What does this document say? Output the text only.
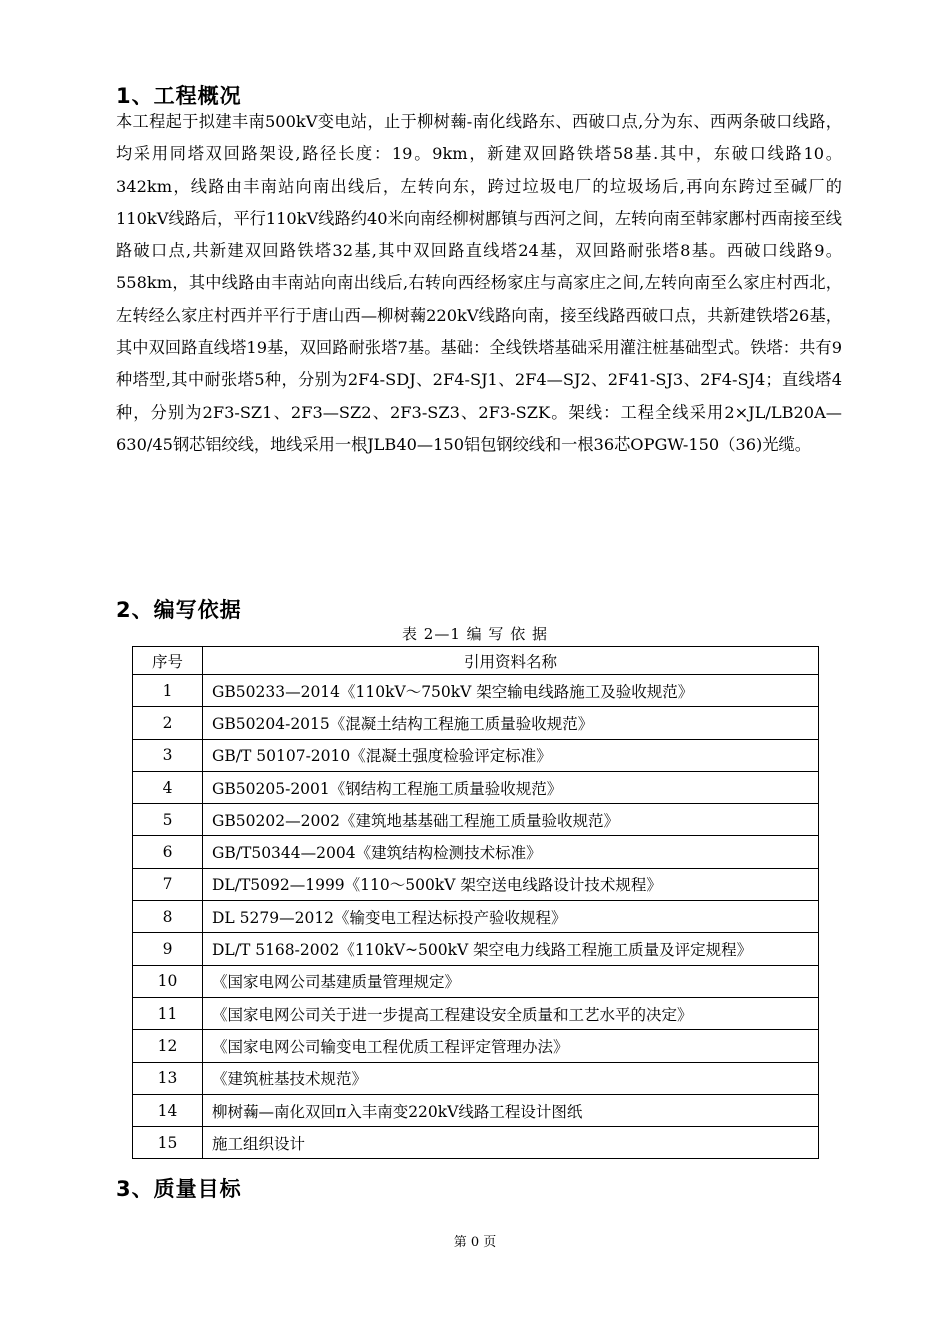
1、工程概况

本工程起于拟建丰南500kV变电站，止于柳树䕮-南化线路东、西破口点,分为东、西两条破口线路，均采用同塔双回路架设,路径长度：19。9km，新建双回路铁塔58基.其中，东破口线路10。342km，线路由丰南站向南出线后，左转向东，跨过垃圾电厂的垃圾场后,再向东跨过至碱厂的110kV线路后，平行110kV线路约40米向南经柳树鄌镇与西河之间，左转向南至韩家鄌村西南接至线路破口点,共新建双回路铁塔32基,其中双回路直线塔24基，双回路耐张塔8基。西破口线路9。558km，其中线路由丰南站向南出线后,右转向西经杨家庄与高家庄之间,左转向南至么家庄村西北，左转经么家庄村西并平行于唐山西—柳树䕮220kV线路向南，接至线路西破口点，共新建铁塔26基，其中双回路直线塔19基，双回路耐张塔7基。基础：全线铁塔基础采用灌注桩基础型式。铁塔：共有9种塔型,其中耐张塔5种，分别为2F4-SDJ、2F4-SJ1、2F4—SJ2、2F41-SJ3、2F4-SJ4；直线塔4种，分别为2F3-SZ1、2F3—SZ2、2F3-SZ3、2F3-SZK。架线：工程全线采用2×JL/LB20A—630/45钢芯铝绞线，地线采用一根JLB40—150铝包钢绞线和一根36芯OPGW-150（36)光缆。

2、编写依据
表 2—1 编 写 依 据
序号	引用资料名称
1	GB50233—2014《110kV～750kV 架空输电线路施工及验收规范》
2	GB50204-2015《混凝土结构工程施工质量验收规范》
3	GB/T 50107-2010《混凝土强度检验评定标准》
4	GB50205-2001《钢结构工程施工质量验收规范》
5	GB50202—2002《建筑地基基础工程施工质量验收规范》
6	GB/T50344—2004《建筑结构检测技术标准》
7	DL/T5092—1999《110～500kV 架空送电线路设计技术规程》
8	DL 5279—2012《输变电工程达标投产验收规程》
9	DL/T 5168-2002《110kV~500kV 架空电力线路工程施工质量及评定规程》
10	《国家电网公司基建质量管理规定》
11	《国家电网公司关于进一步提高工程建设安全质量和工艺水平的决定》
12	《国家电网公司输变电工程优质工程评定管理办法》
13	《建筑桩基技术规范》
14	柳树䕮—南化双回π入丰南变220kV线路工程设计图纸
15	施工组织设计
3、质量目标
第 0 页
